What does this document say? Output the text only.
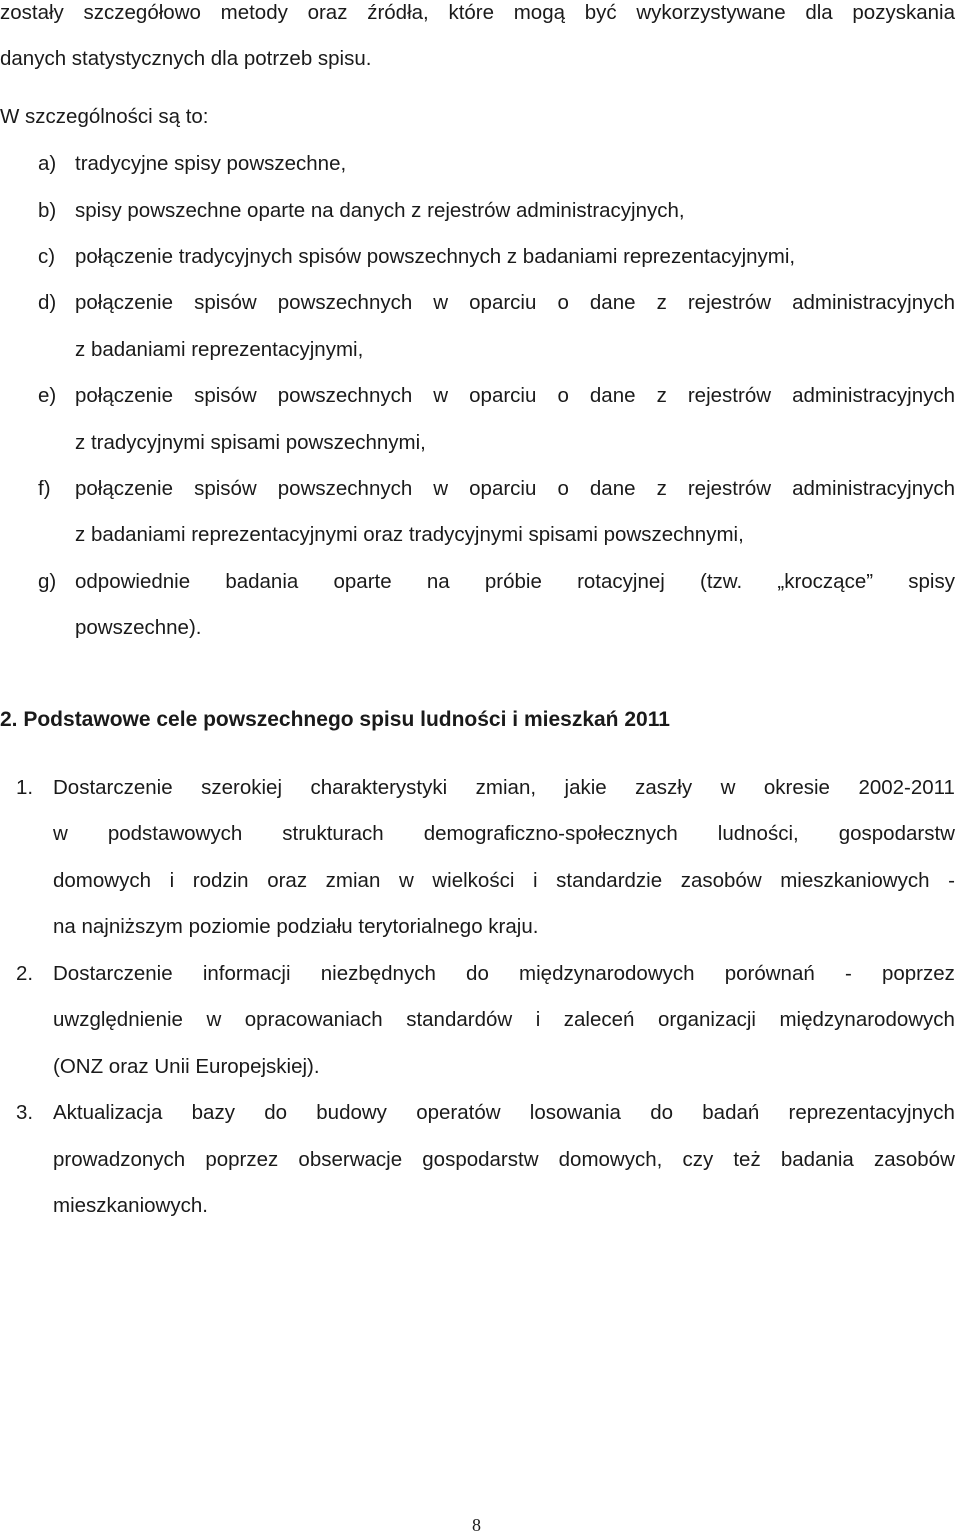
zostały szczegółowo metody oraz źródła, które mogą być wykorzystywane dla pozyskania
danych statystycznych dla potrzeb spisu.
W szczególności są to:
a) tradycyjne spisy powszechne,
b) spisy powszechne oparte na danych z rejestrów administracyjnych,
c) połączenie tradycyjnych spisów powszechnych z badaniami reprezentacyjnymi,
d) połączenie spisów powszechnych w oparciu o dane z rejestrów administracyjnych
z badaniami reprezentacyjnymi,
e) połączenie spisów powszechnych w oparciu o dane z rejestrów administracyjnych
z tradycyjnymi spisami powszechnymi,
f) połączenie spisów powszechnych w oparciu o dane z rejestrów administracyjnych
z badaniami reprezentacyjnymi oraz tradycyjnymi spisami powszechnymi,
g) odpowiednie badania oparte na próbie rotacyjnej (tzw. „kroczące” spisy
powszechne).
2. Podstawowe cele powszechnego spisu ludności i mieszkań 2011
1. Dostarczenie szerokiej charakterystyki zmian, jakie zaszły w okresie 2002-2011
w podstawowych strukturach demograficzno-społecznych ludności, gospodarstw
domowych i rodzin oraz zmian w wielkości i standardzie zasobów mieszkaniowych -
na najniższym poziomie podziału terytorialnego kraju.
2. Dostarczenie informacji niezbędnych do międzynarodowych porównań - poprzez
uwzględnienie w opracowaniach standardów i zaleceń organizacji międzynarodowych
(ONZ oraz Unii Europejskiej).
3. Aktualizacja bazy do budowy operatów losowania do badań reprezentacyjnych
prowadzonych poprzez obserwacje gospodarstw domowych, czy też badania zasobów
mieszkaniowych.
8
